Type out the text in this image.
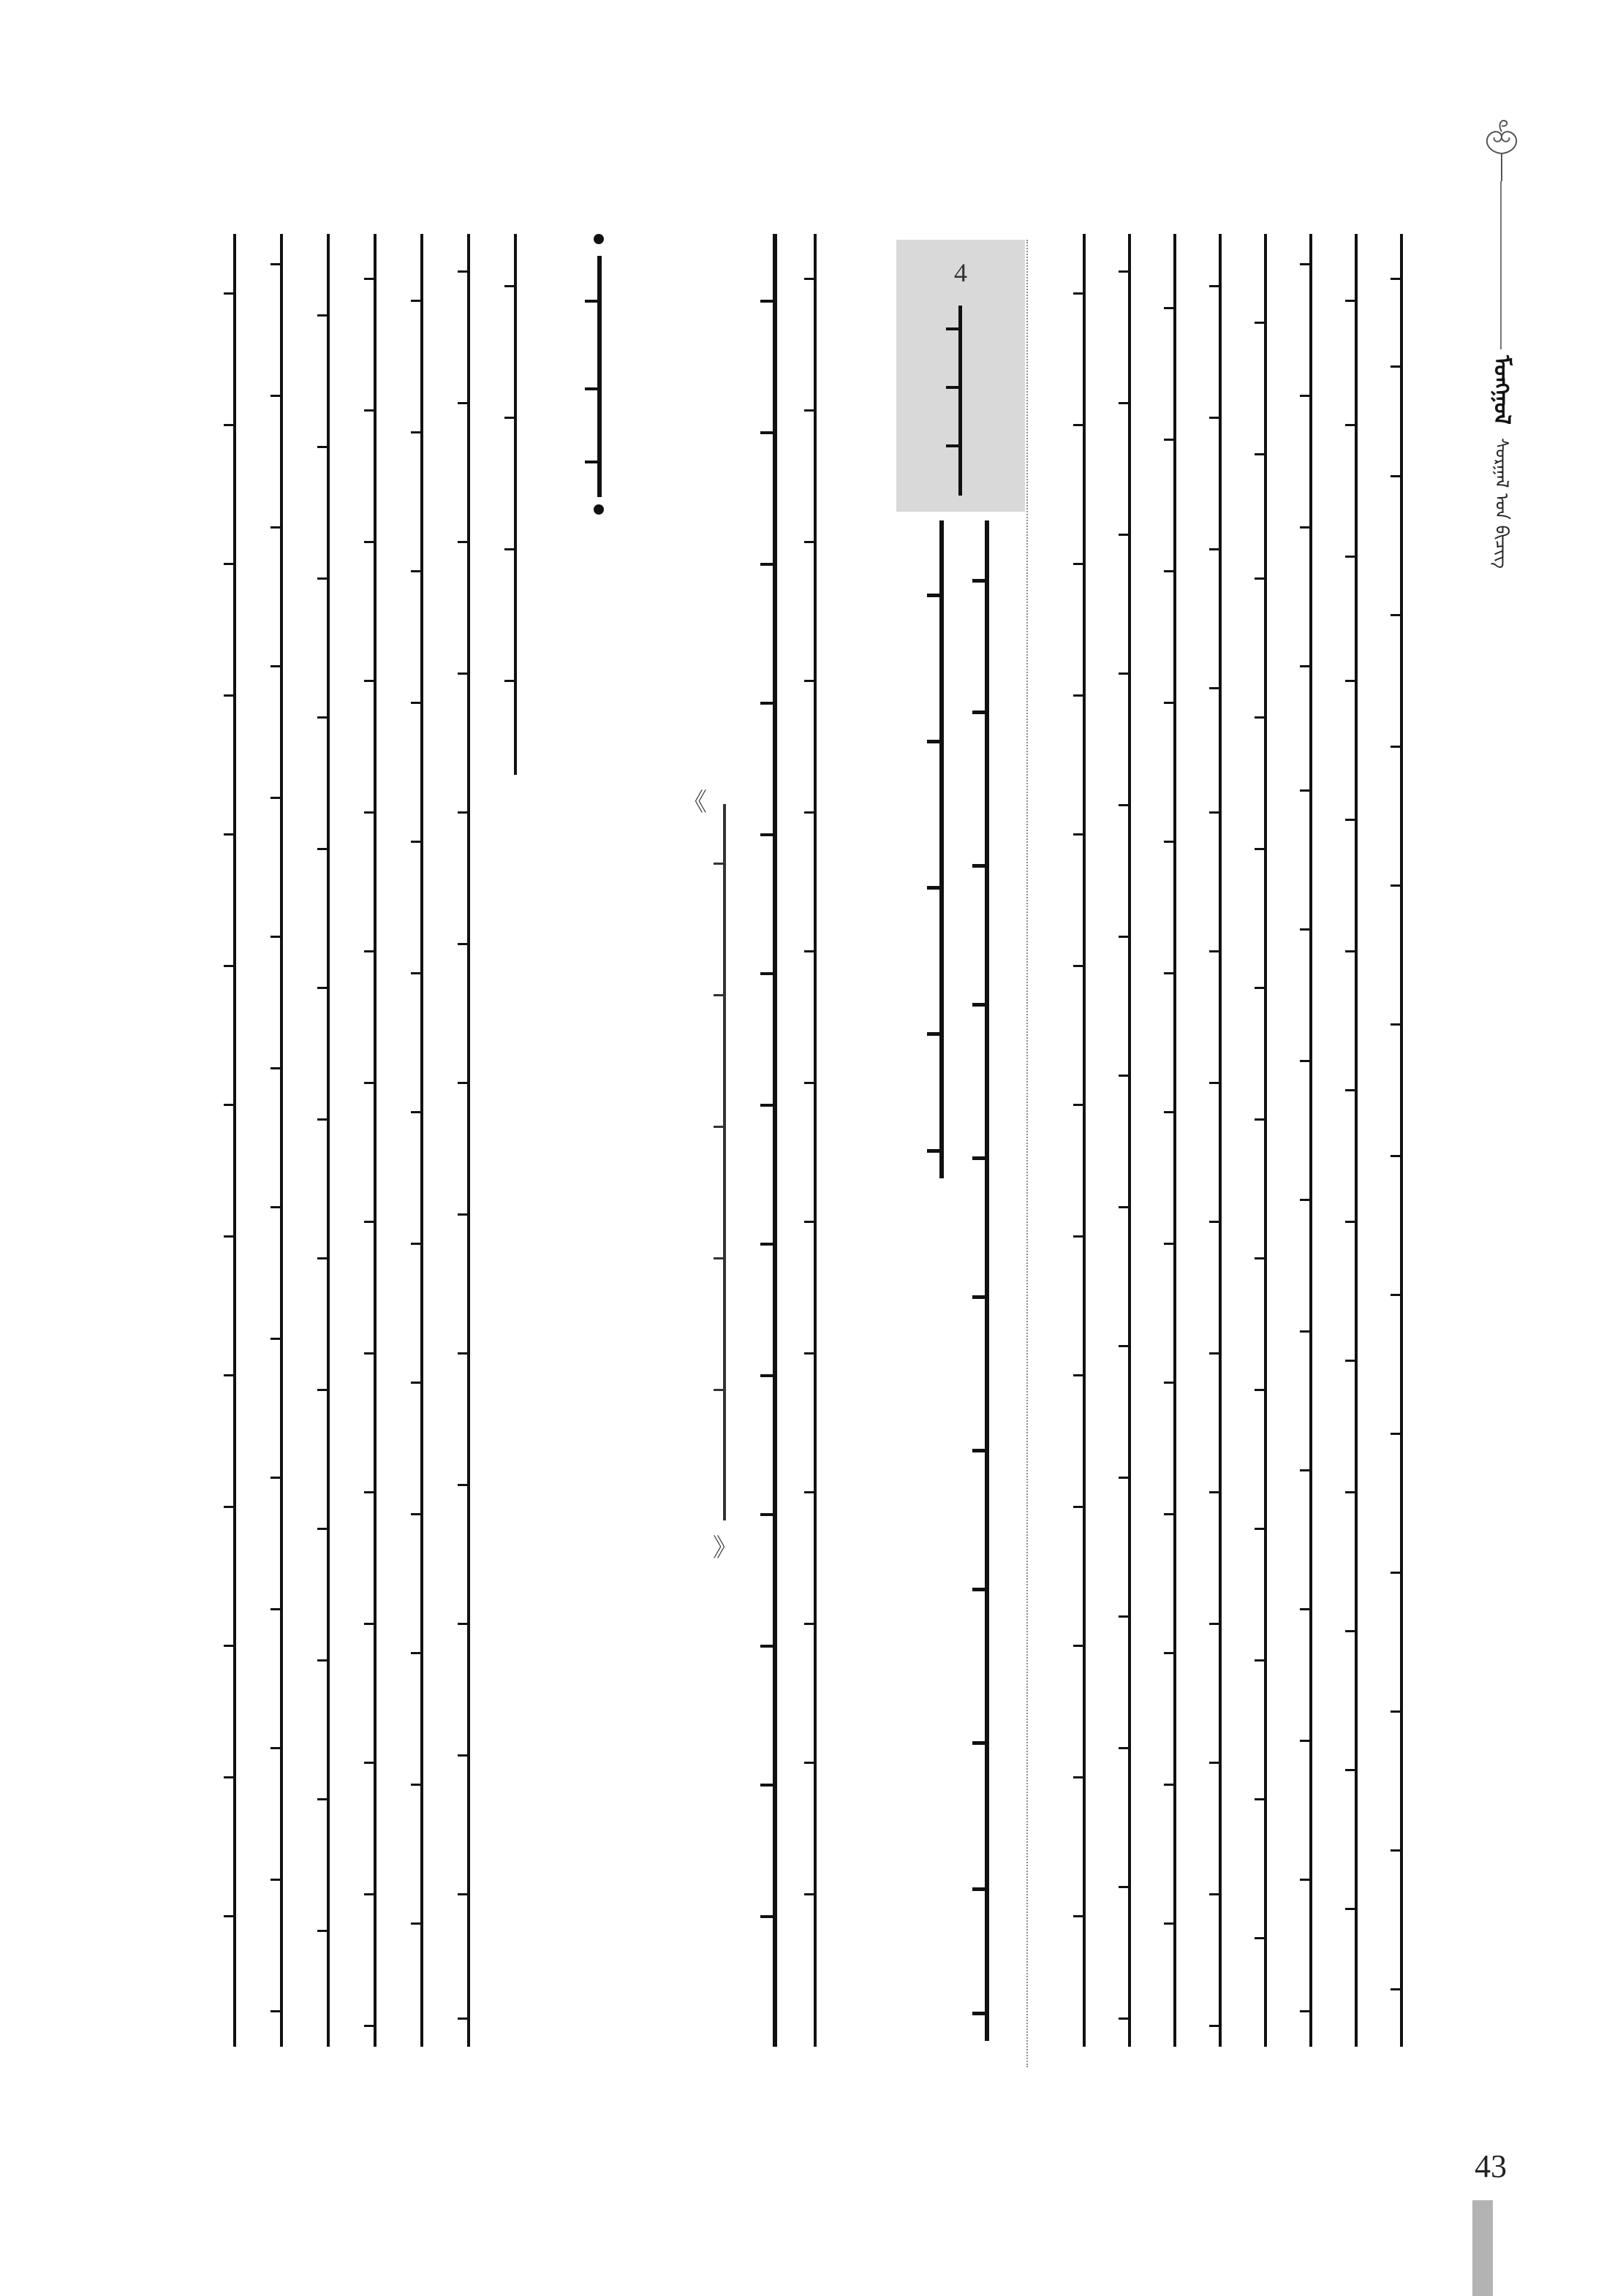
ᠮᠣᠩᠭᠣᠯ
ᠰᠤᠷᠭᠠᠯ ᠤᠨ ᠪᠢᠴᠢᠭ
4
《
》
43
